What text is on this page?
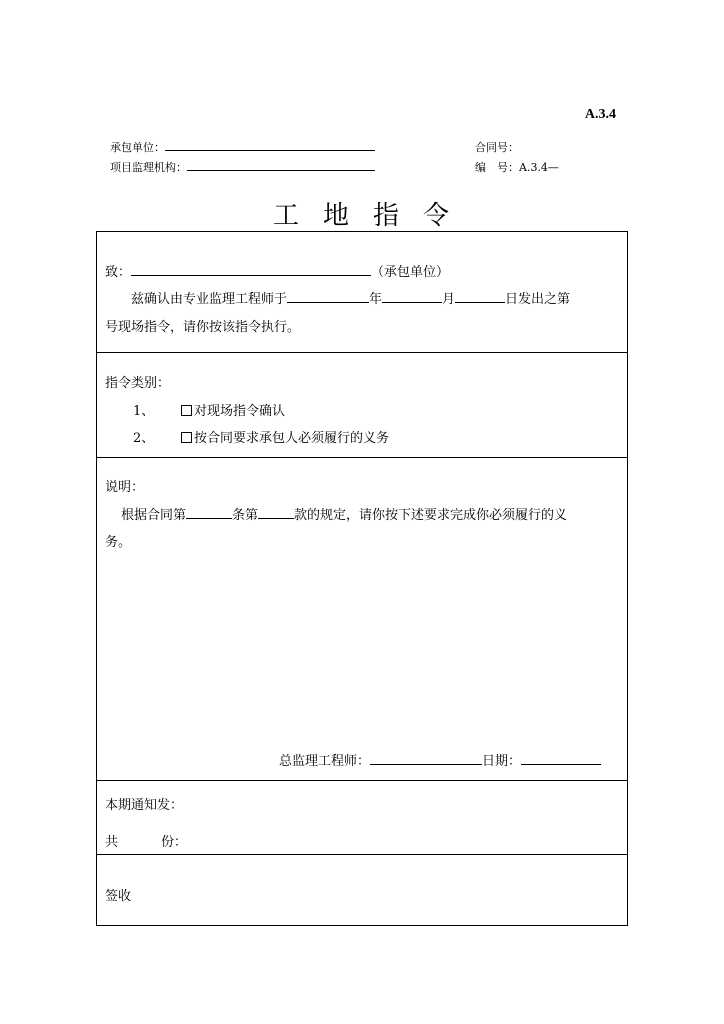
A.3.4
承包单位：
项目监理机构：
合同号：
编　号：A.3.4—
工地指令
致：	（承包单位）
兹确认由专业监理工程师于	年	月	日发出之第
号现场指令，请你按该指令执行。
指令类别：
1、	对现场指令确认
2、	按合同要求承包人必须履行的义务
说明：
根据合同第	条第	款的规定，请你按下述要求完成你必须履行的义
务。
总监理工程师：	日期：
本期通知发：
共	份：
签收
